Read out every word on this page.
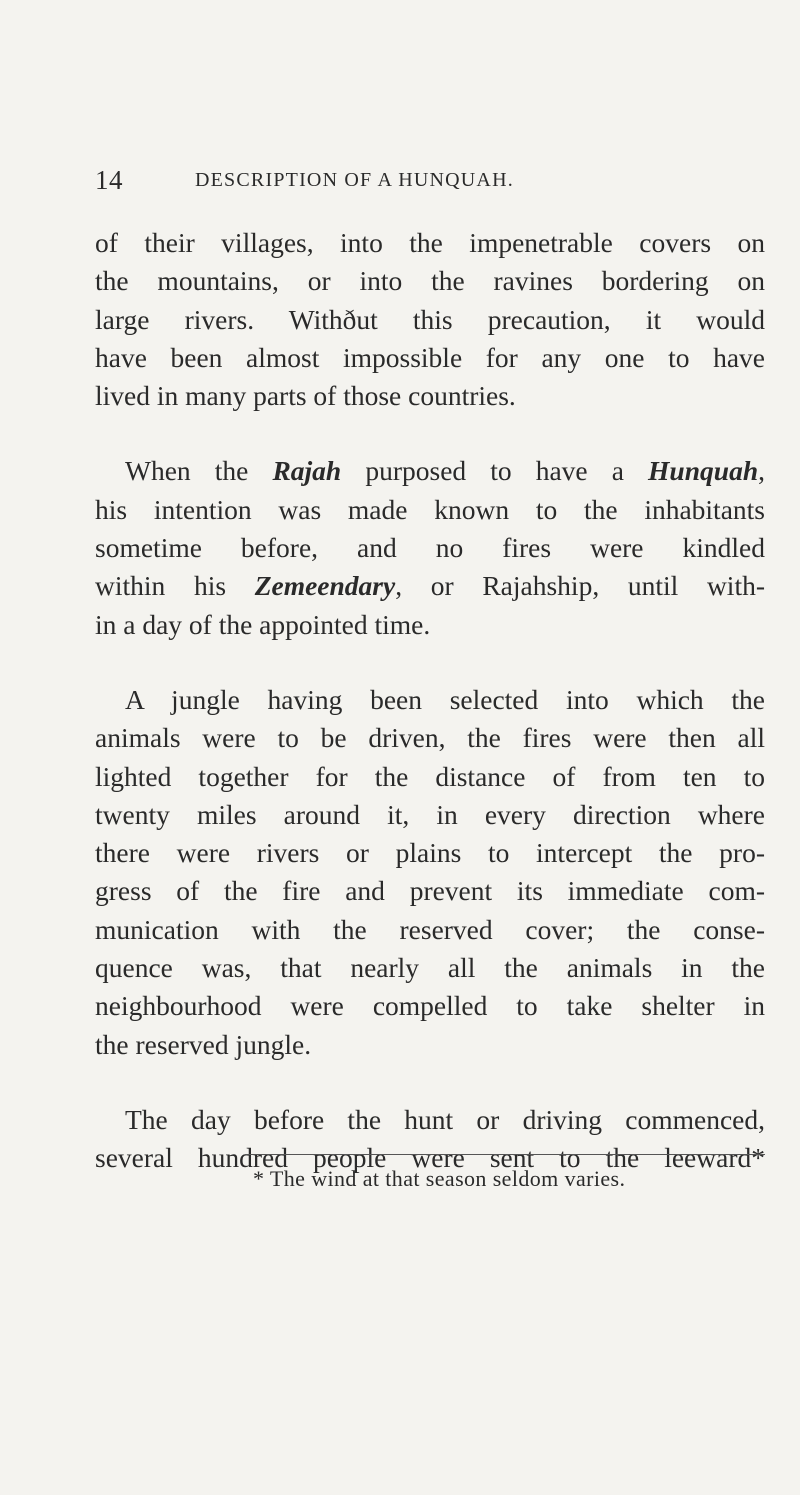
14	DESCRIPTION OF A HUNQUAH.
of their villages, into the impenetrable covers on
the mountains, or into the ravines bordering on
large rivers. Withðut this precaution, it would
have been almost impossible for any one to have
lived in many parts of those countries.
When the Rajah purposed to have a Hunquah,
his intention was made known to the inhabitants
sometime before, and no fires were kindled
within his Zemeendary, or Rajahship, until with-
in a day of the appointed time.
A jungle having been selected into which the
animals were to be driven, the fires were then all
lighted together for the distance of from ten to
twenty miles around it, in every direction where
there were rivers or plains to intercept the pro-
gress of the fire and prevent its immediate com-
munication with the reserved cover; the conse-
quence was, that nearly all the animals in the
neighbourhood were compelled to take shelter in
the reserved jungle.
The day before the hunt or driving commenced,
several hundred people were sent to the leeward*
* The wind at that season seldom varies.
